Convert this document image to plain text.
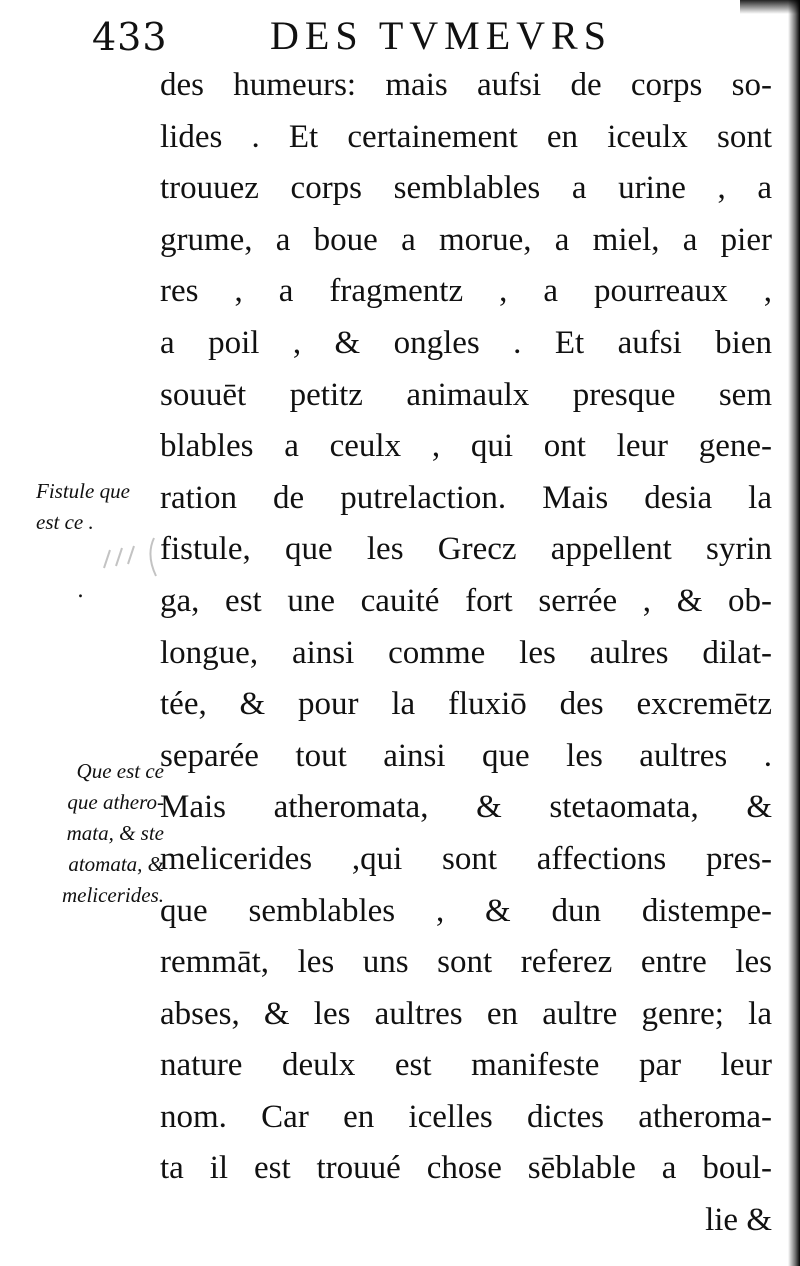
433	DES TVMEVRS
Fistule que
est ce .
.
Que est ce
que athero‐
mata, & ste
atomata, &
melicerides.
des humeurs: mais aufsi de corps so‐
lides . Et certainement en iceulx sont
trouuez corps semblables a urine , a
grume, a boue a morue, a miel, a pier
res , a fragmentz , a pourreaux ,
a poil , & ongles . Et aufsi bien
souuēt petitz animaulx presque sem
blables a ceulx , qui ont leur gene‐
ration de putrelaction. Mais desia la
fistule, que les Grecz appellent syrin
ga, est une cauité fort serrée , & ob‐
longue, ainsi comme les aulres dilat‐
tée, & pour la fluxiō des excremētz
separée tout ainsi que les aultres .
Mais atheromata, & stetaomata, &
melicerides ,qui sont affections pres‐
que semblables , & dun distempe‐
remmāt, les uns sont referez entre les
abses, & les aultres en aultre genre; la
nature deulx est manifeste par leur
nom. Car en icelles dictes atheroma‐
ta il est trouué chose sēblable a boul‐
lie &
